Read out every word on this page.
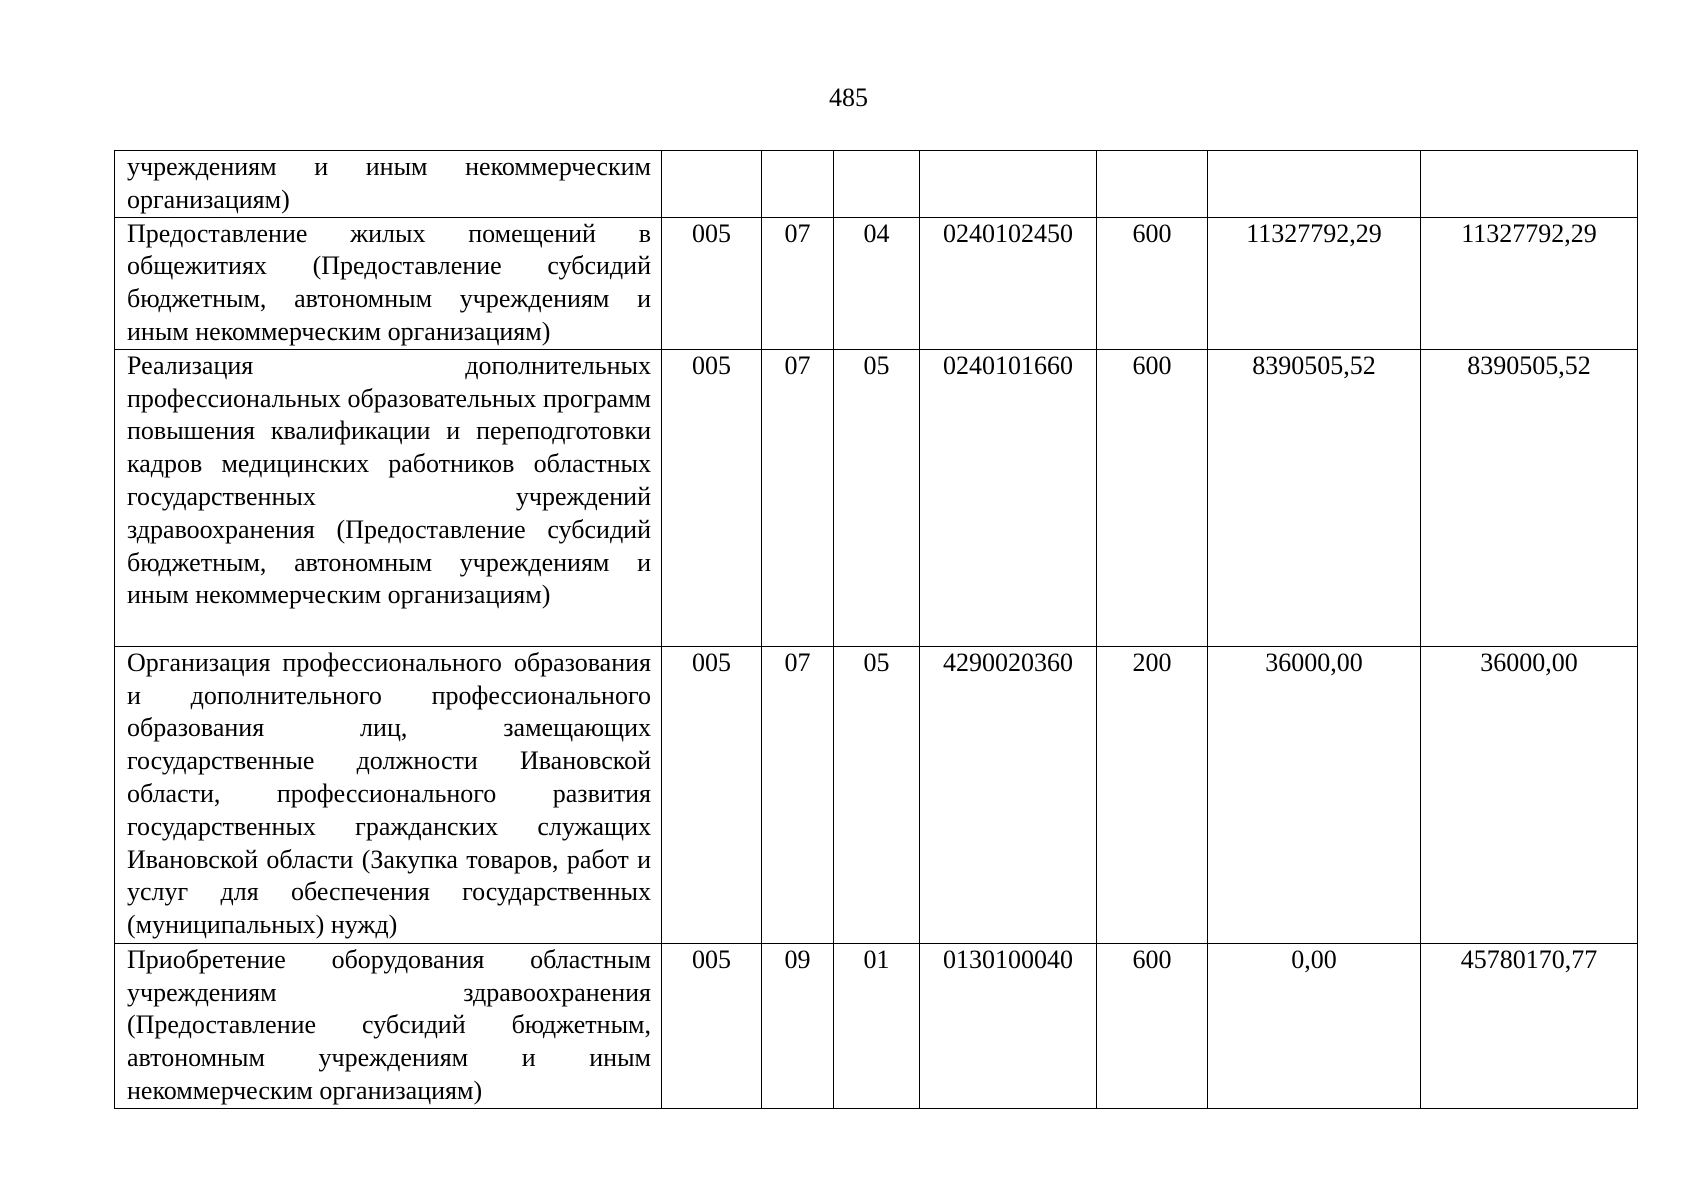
485
учреждениям и иным некоммерческим организациям)							
Предоставление жилых помещений в общежитиях (Предоставление субсидий бюджетным, автономным учреждениям и иным некоммерческим организациям)	005	07	04	0240102450	600	11327792,29	11327792,29
Реализация дополнительных профессиональных образовательных программ повышения квалификации и переподготовки кадров медицинских работников областных государственных учреждений здравоохранения (Предоставление субсидий бюджетным, автономным учреждениям и иным некоммерческим организациям)	005	07	05	0240101660	600	8390505,52	8390505,52
Организация профессионального образования и дополнительного профессионального образования лиц, замещающих государственные должности Ивановской области, профессионального развития государственных гражданских служащих Ивановской области (Закупка товаров, работ и услуг для обеспечения государственных (муниципальных) нужд)	005	07	05	4290020360	200	36000,00	36000,00
Приобретение оборудования областным учреждениям здравоохранения (Предоставление субсидий бюджетным, автономным учреждениям и иным некоммерческим организациям)	005	09	01	0130100040	600	0,00	45780170,77
